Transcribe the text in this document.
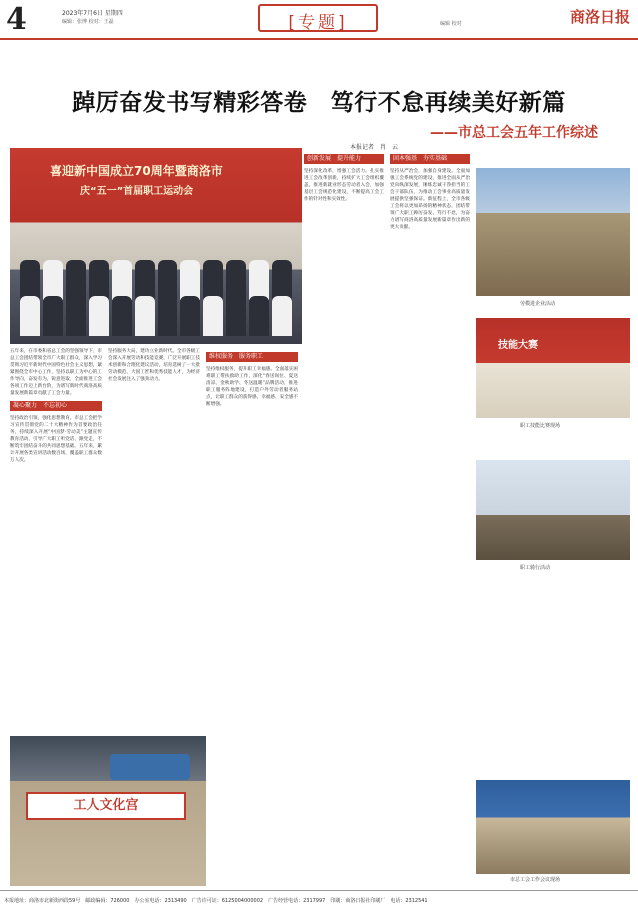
4	2023年7月6日 星期四
编辑：张博 校对：王磊	[专题]	编辑 校对	商洛日报
踔厉奋发书写精彩答卷　笃行不怠再续美好新篇
——市总工会五年工作综述
本报记者　肖　云
喜迎新中国成立70周年暨商洛市
庆“五一”首届职工运动会
劳模进企业活动
技能大赛
职工技能比赛现场
职工骑行活动
工人文化宫
市总工会工作会议现场

五年来，在市委和省总工会的坚强领导下，市总工会团结带领全市广大职工群众，深入学习贯彻习近平新时代中国特色社会主义思想，紧紧围绕全市中心工作，坚持以职工为中心的工作导向，奋发有为，锐意进取，全面推进工会各项工作迈上新台阶，为谱写新时代商洛高质量发展新篇章贡献了工会力量。

凝心聚力　不忘初心

坚持政治引领，强化思想教育。市总工会把学习宣传贯彻党的二十大精神作为首要政治任务，持续深入开展“中国梦·劳动美”主题宣传教育活动，引导广大职工听党话、跟党走，不断筑牢团结奋斗的共同思想基础。五年来，累计开展各类宣讲活动数百场，覆盖职工群众数万人次。

坚持服务大局，建功立业新时代。全市各级工会深入开展劳动和技能竞赛，广泛开展职工技术创新和合理化建议活动，培育选树了一大批劳动模范、大国工匠和优秀技能人才，为经济社会发展注入了强劲动力。

维权服务　服务职工

坚持维权服务，提升职工幸福感。全面落实困难职工帮扶救助工作，深化“春送岗位、夏送清凉、金秋助学、冬送温暖”品牌活动，推进职工服务阵地建设，打造户外劳动者服务站点，让职工群众的获得感、幸福感、安全感不断增强。

创新发展　提升能力

坚持深化改革，增强工会活力。扎实推进工会改革创新，持续扩大工会组织覆盖，推进新就业形态劳动者入会，加强基层工会规范化建设，不断提高工会工作的针对性和实效性。

固本强基　夯实基础

坚持从严治会，加强自身建设。全面加强工会系统党的建设，推进全面从严治党向纵深发展，锤炼忠诚干净担当的工会干部队伍，为推动工会事业高质量发展提供坚强保证。新征程上，全市各级工会将以更加昂扬的精神状态，团结带领广大职工踔厉奋发、笃行不怠，为奋力谱写商洛高质量发展新篇章作出新的更大贡献。

本报地址：商洛市北新街西段59号　邮政编码：726000　办公室电话：2313490　广告许可证：6125004000002　广告经营电话：2317997　印刷：商洛日报社印刷厂　电话：2312541
